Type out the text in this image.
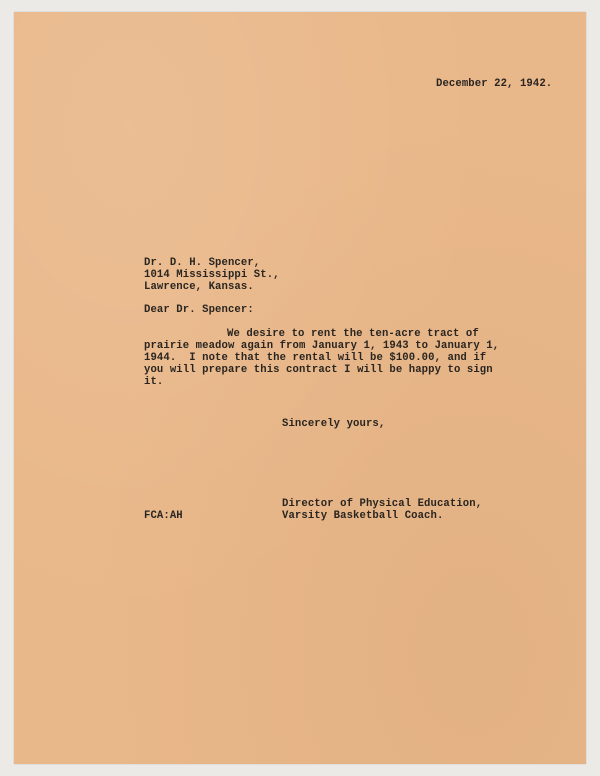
December 22, 1942.

Dr. D. H. Spencer,

1014 Mississippi St.,

Lawrence, Kansas.

Dear Dr. Spencer:

We desire to rent the ten-acre tract of

prairie meadow again from January 1, 1943 to January 1,

1944.  I note that the rental will be $100.00, and if

you will prepare this contract I will be happy to sign

it.

Sincerely yours,

Director of Physical Education,

Varsity Basketball Coach.

FCA:AH
